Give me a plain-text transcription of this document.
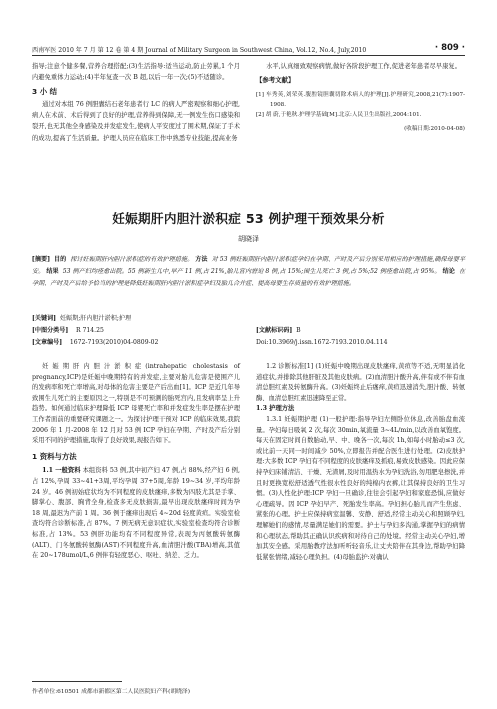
西南军医 2010 年 7 月 第 12 卷 第 4 期 Journal of Military Surgeon in Southwest China, Vol.12, No.4, July,2010	· 809 ·

指导;注意个健多餐,营养合理搭配;(3)生活指导:适当运动,防止劳累,1 个月内避免重体力运动;(4)半年复查一次 B 超,以后一年一次;(5)不适随诊。

3 小 结

通过对本组 76 例胆囊结石老年患者行 LC 的病人严密观察和细心护理,病人在术前、术后得到了良好的护理,营养得到保障,无一例发生伤口感染和裂开,也无其他全身感染及并发症发生,使病人平安度过了围术期,保证了手术的成功,提高了生活质量。护理人员应在临床工作中熟悉专业技能,提高业务

水平,认真细致观察病情,做好各阶段护理工作,促进老年患者尽早康复。

【参考文献】
[1] 车秀英,刘荣英.腹腔镜胆囊切除术病人的护理[J].护理研究,2008,21(7):1907-1908.
[2] 胡 蔚,于艳秋.护理学基础[M].北京:人民卫生出版社,2004:101.
(收稿日期:2010-04-08)
妊娠期肝内胆汁淤积症 53 例护理干预效果分析
胡晓泽
[摘要] 目的 探讨妊娠期肝内胆汁淤积症的有效护理措施。 方法 对 53 例妊娠期肝内胆汁淤积症孕妇在孕期、产时及产后分别采用相应的护理措施,确保母婴平安。 结果 53 例产妇均痊愈出院。55 例新生儿中,早产 11 例,占 21%,胎儿宫内窘迫 8 例,占 15%;围生儿死亡 3 例,占 5%;52 例痊愈出院,占 95%。 结论 在孕期、产时及产后给予恰当的护理是降低妊娠期肝内胆汁淤积症孕妇及胎儿合并症、提高母婴生存质量的有效护理措施。
[关键词] 妊娠期;肝内胆汁淤积;护理
[中图分类号] R 714.25
[文章编号] 1672-7193(2010)04-0809-02
[文献标识码] B
Doi:10.3969/j.issn.1672-7193.2010.04.114

妊娠期肝内胆汁淤积症(intrahepatic cholestasis of pregnancy,ICP)是妊娠中晚期特有的并发症,主要对胎儿危害是使围产儿的发病率和死亡率增高,对母体的危害主要是产后出血[1]。ICP 是近几年导致围生儿死亡的主要原因之一,特别是不可预测的胎死宫内,且发病率呈上升趋势。如何通过临床护理降低 ICP 母婴死亡率和并发症发生率是摆在护理工作者面前的重要研究课题之一。为探讨护理干预对 ICP 的临床效果,我院 2006 年 1 月-2008 年 12 月对 53 例 ICP 孕妇在孕期、产时及产后分别采用不同的护理措施,取得了良好效果,现报告如下。

1 资料与方法

1.1 一般资料 本组资料 53 例,其中初产妇 47 例,占 88%,经产妇 6 例,占 12%,孕周 33~41+3周,平均孕周 37+5周,年龄 19~34 岁,平均年龄 24 岁。46 例初始症状均为不同程度的皮肤瘙痒,多数为四肢尤其是手掌、脚掌心、腹部、胸背全身,检查多无皮肤损害,最早出现皮肤瘙痒时间为孕 18 周,最迟为产前 1 周。36 例于瘙痒出现后 4~20d 轻度黄疸。实验室检查均符合诊断标准,占 87%。7 例无病无意识症状,实验室检查均符合诊断标准,占 13%。53 例肝功能均有不同程度异常,表现为丙氨酸转氨酶(ALT)、门冬氨酸转氨酶(AST)不同程度升高,血清胆汁酸(TBA)增高,其值在 20~178umol/L,6 例伴有轻度恶心、呕吐、纳差、乏力。

1.2 诊断标准[1] (1)妊娠中晚期出现皮肤瘙痒,黄疸等不适,无明显消化道症状,并排除其他肝脏及其他皮肤病。(2)血清胆汁酸升高,伴有或不伴有血清总胆红素及转氨酶升高。(3)妊娠终止后瘙痒,黄疸迅速消失,胆汁酸、转氨酶、血清总胆红素迅速降至正常。

1.3 护理方法

1.3.1 妊娠期护理 (1)一般护理:指导孕妇左侧卧位休息,改善胎盘血流量。孕妇每日吸氧 2 次,每次 30min,氧流量 3~4L/min,以改善血氧饱度。每天在固定时间自数胎动,早、中、晚各一次,每次 1h,如每小时胎动≤3 次,或比前一天同一时间减少 50%,立即报告并配合医生进行处理。(2)皮肤护理:大多数 ICP 孕妇有不同程度的皮肤瘙痒及抓痕,易致皮肤感染。因此应保持孕妇床铺清洁、干燥、无渣屑,及时用温热水为孕妇洗浴,勿用肥皂擦洗,并且时更换宽松舒适透气性很水性良好的纯棉内衣裤,让其保持良好的卫生习惯。(3)人性化护理:ICP 孕妇一旦确诊,往往会引起孕妇和家庭恐惧,应做好心理疏导。因 ICP 孕妇早产、死胎发生率高。孕妇担心胎儿而产生焦虑、紧张的心理。护士应保持病室温馨、安静、舒适,经常主动关心和照顾孕妇,理解她们的感情,尽量满足她们的需要。护士与孕妇多沟通,掌握孕妇的病情和心理状态,帮助其正确认识疾病和对待自己的处境。经常主动关心孕妇,增加其安全感。采用胎教疗法加听听轻音乐,让丈夫陪伴在其身边,帮助孕妇降低紧张情绪,减轻心理负担。(4)母胎监护:对确认

作者单位:610501 成都市新都区第二人民医院妇产科(胡晓泽)
